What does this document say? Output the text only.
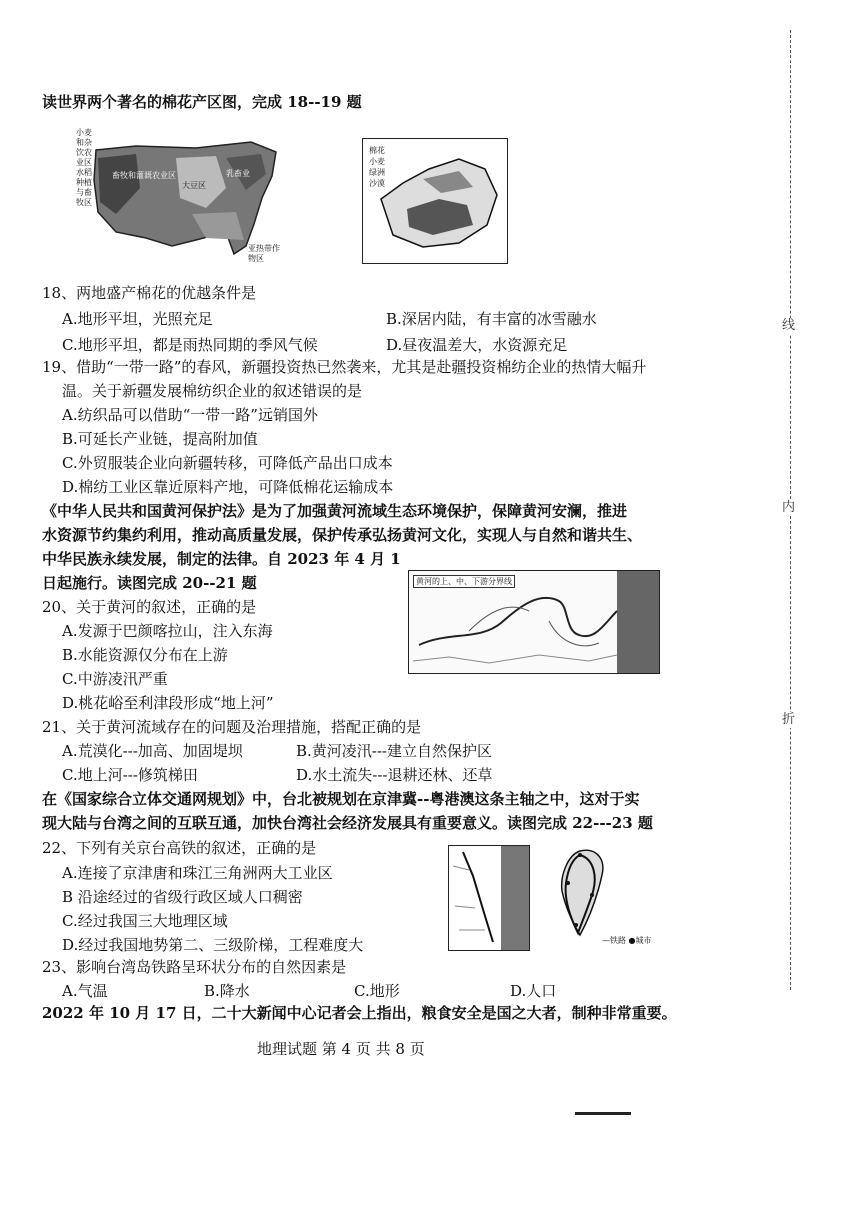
线
内
折
读世界两个著名的棉花产区图，完成 18--19 题
小麦和杂饮农业区
水稻种植与畜牧区
畜牧和灌溉农业区
大豆区
乳畜业
亚热带作物区
棉花
小麦
绿洲
沙漠
18、两地盛产棉花的优越条件是
A.地形平坦，光照充足	B.深居内陆，有丰富的冰雪融水
C.地形平坦，都是雨热同期的季风气候	D.昼夜温差大，水资源充足
19、借助“一带一路”的春风，新疆投资热已然袭来，尤其是赴疆投资棉纺企业的热情大幅升
温。关于新疆发展棉纺织企业的叙述错误的是
A.纺织品可以借助“一带一路”远销国外
B.可延长产业链，提高附加值
C.外贸服装企业向新疆转移，可降低产品出口成本
D.棉纺工业区靠近原料产地，可降低棉花运输成本
《中华人民共和国黄河保护法》是为了加强黄河流域生态环境保护，保障黄河安澜，推进
水资源节约集约利用，推动高质量发展，保护传承弘扬黄河文化，实现人与自然和谐共生、
中华民族永续发展，制定的法律。自 2023 年 4 月 1
日起施行。读图完成 20--21 题	黄河的上、中、下游分界线
20、关于黄河的叙述，正确的是
A.发源于巴颜喀拉山，注入东海
B.水能资源仅分布在上游
C.中游凌汛严重
D.桃花峪至利津段形成“地上河”
21、关于黄河流域存在的问题及治理措施，搭配正确的是
A.荒漠化---加高、加固堤坝	B.黄河凌汛---建立自然保护区
C.地上河---修筑梯田	D.水土流失---退耕还林、还草
在《国家综合立体交通网规划》中，台北被规划在京津冀--粤港澳这条主轴之中，这对于实
现大陆与台湾之间的互联互通，加快台湾社会经济发展具有重要意义。读图完成 22---23 题
—铁路 ●城市
22、下列有关京台高铁的叙述，正确的是
A.连接了京津唐和珠江三角洲两大工业区
B 沿途经过的省级行政区域人口稠密
C.经过我国三大地理区域
D.经过我国地势第二、三级阶梯，工程难度大
23、影响台湾岛铁路呈环状分布的自然因素是
A.气温	B.降水	C.地形	D.人口
2022 年 10 月 17 日，二十大新闻中心记者会上指出，粮食安全是国之大者，制种非常重要。
地理试题 第 4 页 共 8 页
